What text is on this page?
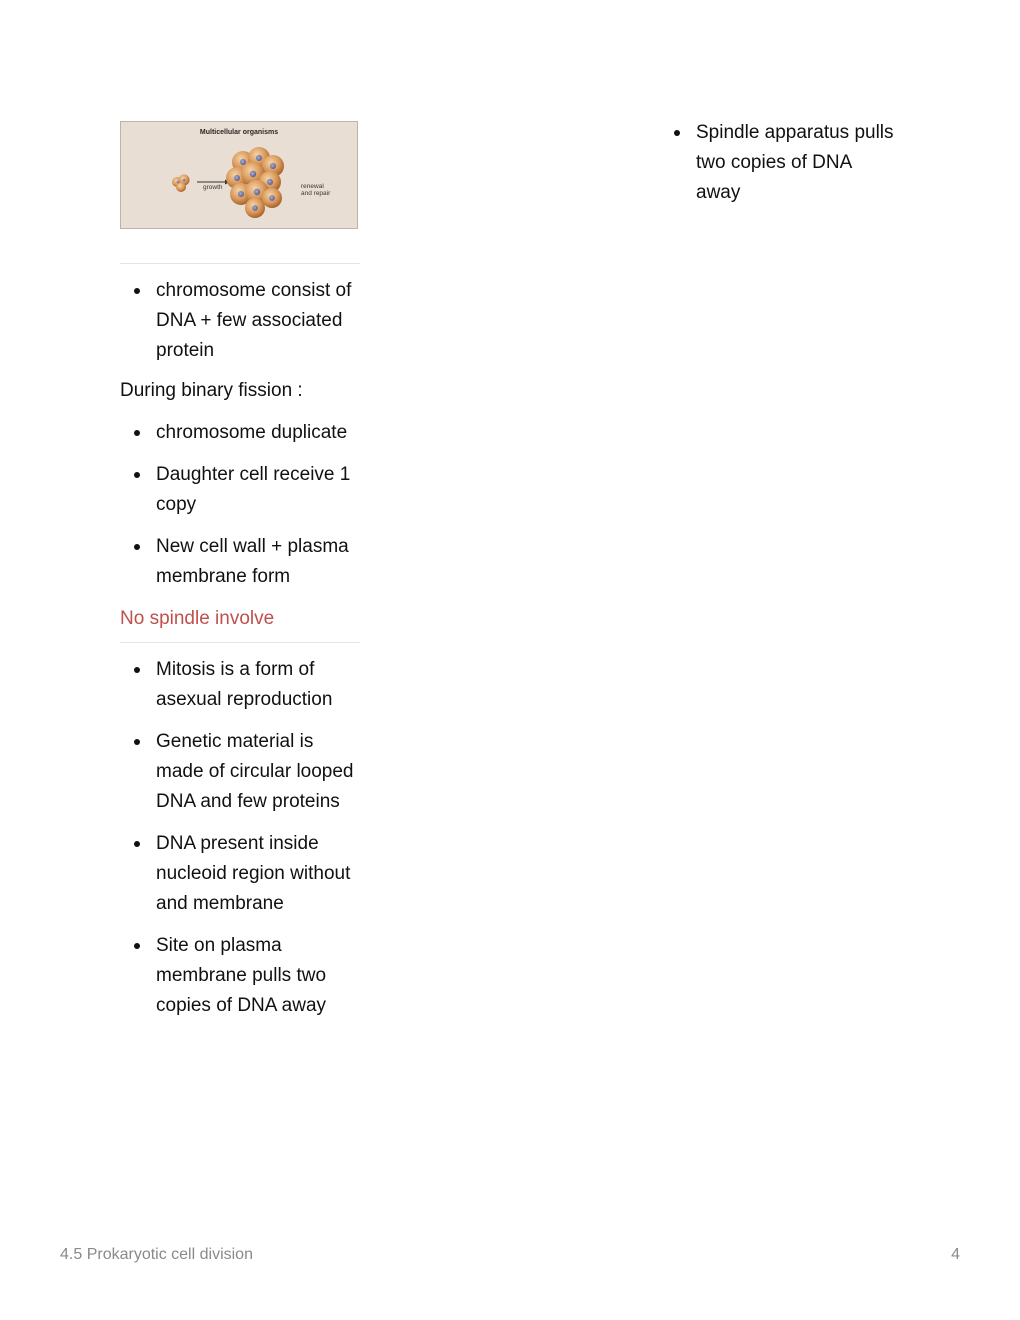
Multicellular organisms
growth	renewal
and repair
chromosome consist of DNA + few associated protein

During binary fission :

chromosome duplicate
Daughter cell receive 1 copy
New cell wall + plasma membrane form

No spindle involve

Mitosis is a form of asexual reproduction
Genetic material is made of circular looped DNA and few proteins
DNA present inside nucleoid region without and membrane
Site on plasma membrane pulls two copies of DNA away
Spindle apparatus pulls two copies of DNA away
4.5 Prokaryotic cell division	4
